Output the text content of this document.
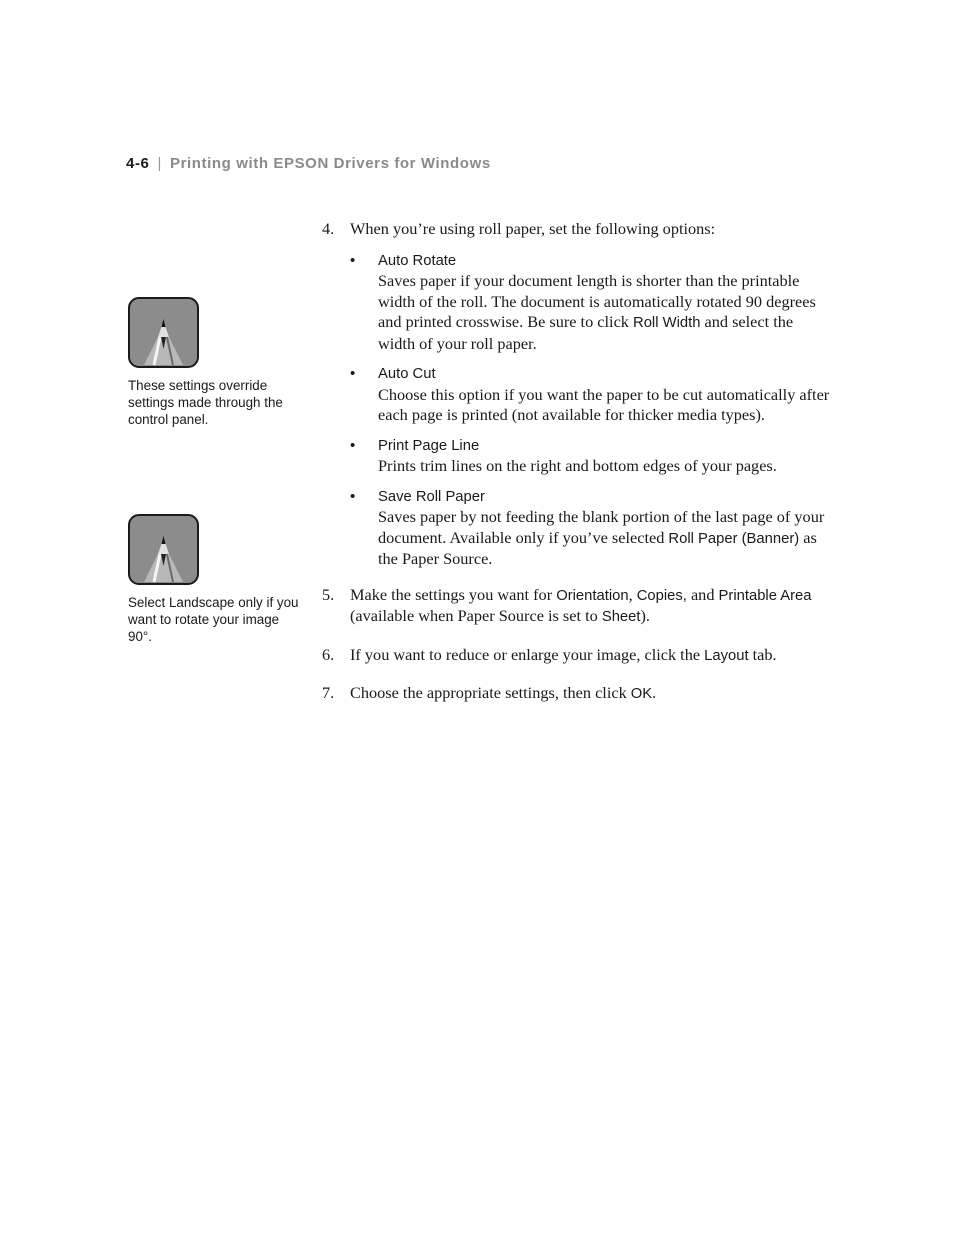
4-6 | Printing with EPSON Drivers for Windows
These settings override settings made through the control panel.
Select Landscape only if you want to rotate your image 90°.
4. When you’re using roll paper, set the following options:
• Auto Rotate
Saves paper if your document length is shorter than the printable width of the roll. The document is automatically rotated 90 degrees and printed crosswise. Be sure to click Roll Width and select the width of your roll paper.
• Auto Cut
Choose this option if you want the paper to be cut automatically after each page is printed (not available for thicker media types).
• Print Page Line
Prints trim lines on the right and bottom edges of your pages.
• Save Roll Paper
Saves paper by not feeding the blank portion of the last page of your document. Available only if you’ve selected Roll Paper (Banner) as the Paper Source.
5. Make the settings you want for Orientation, Copies, and Printable Area (available when Paper Source is set to Sheet).
6. If you want to reduce or enlarge your image, click the Layout tab.
7. Choose the appropriate settings, then click OK.
